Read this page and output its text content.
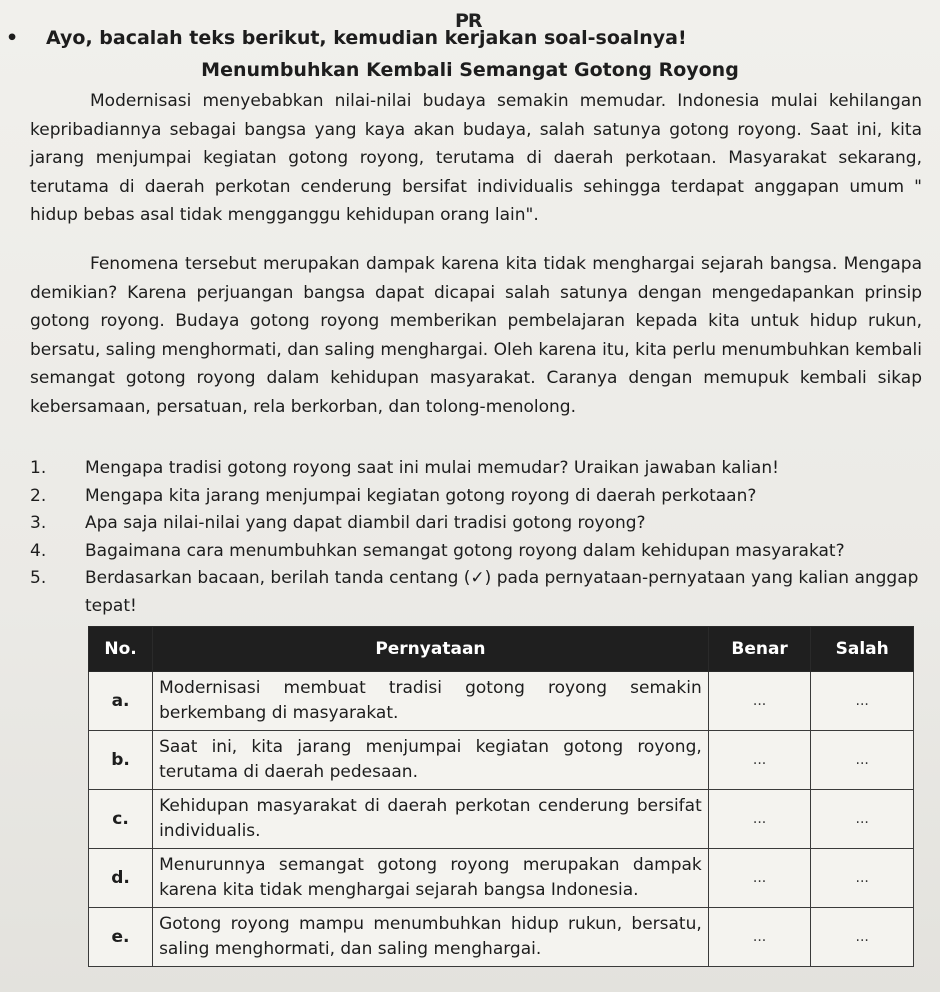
PR
• Ayo, bacalah teks berikut, kemudian kerjakan soal-soalnya!
Menumbuhkan Kembali Semangat Gotong Royong

Modernisasi menyebabkan nilai-nilai budaya semakin memudar. Indonesia mulai kehilangan kepribadiannya sebagai bangsa yang kaya akan budaya, salah satunya gotong royong. Saat ini, kita jarang menjumpai kegiatan gotong royong, terutama di daerah perkotaan. Masyarakat sekarang, terutama di daerah perkotan cenderung bersifat individualis sehingga terdapat anggapan umum " hidup bebas asal tidak mengganggu kehidupan orang lain".

Fenomena tersebut merupakan dampak karena kita tidak menghargai sejarah bangsa. Mengapa demikian? Karena perjuangan bangsa dapat dicapai salah satunya dengan mengedapankan prinsip gotong royong. Budaya gotong royong memberikan pembelajaran kepada kita untuk hidup rukun, bersatu, saling menghormati, dan saling menghargai. Oleh karena itu, kita perlu menumbuhkan kembali semangat gotong royong dalam kehidupan masyarakat. Caranya dengan memupuk kembali sikap kebersamaan, persatuan, rela berkorban, dan tolong-menolong.

1. Mengapa tradisi gotong royong saat ini mulai memudar? Uraikan jawaban kalian!
2. Mengapa kita jarang menjumpai kegiatan gotong royong di daerah perkotaan?
3. Apa saja nilai-nilai yang dapat diambil dari tradisi gotong royong?
4. Bagaimana cara menumbuhkan semangat gotong royong dalam kehidupan masyarakat?
5. Berdasarkan bacaan, berilah tanda centang (✓) pada pernyataan-pernyataan yang kalian anggap tepat!
No.	Pernyataan	Benar	Salah
a.	Modernisasi membuat tradisi gotong royong semakin berkembang di masyarakat.	...	...
b.	Saat ini, kita jarang menjumpai kegiatan gotong royong, terutama di daerah pedesaan.	...	...
c.	Kehidupan masyarakat di daerah perkotan cenderung bersifat individualis.	...	...
d.	Menurunnya semangat gotong royong merupakan dampak karena kita tidak menghargai sejarah bangsa Indonesia.	...	...
e.	Gotong royong mampu menumbuhkan hidup rukun, bersatu, saling menghormati, dan saling menghargai.	...	...
